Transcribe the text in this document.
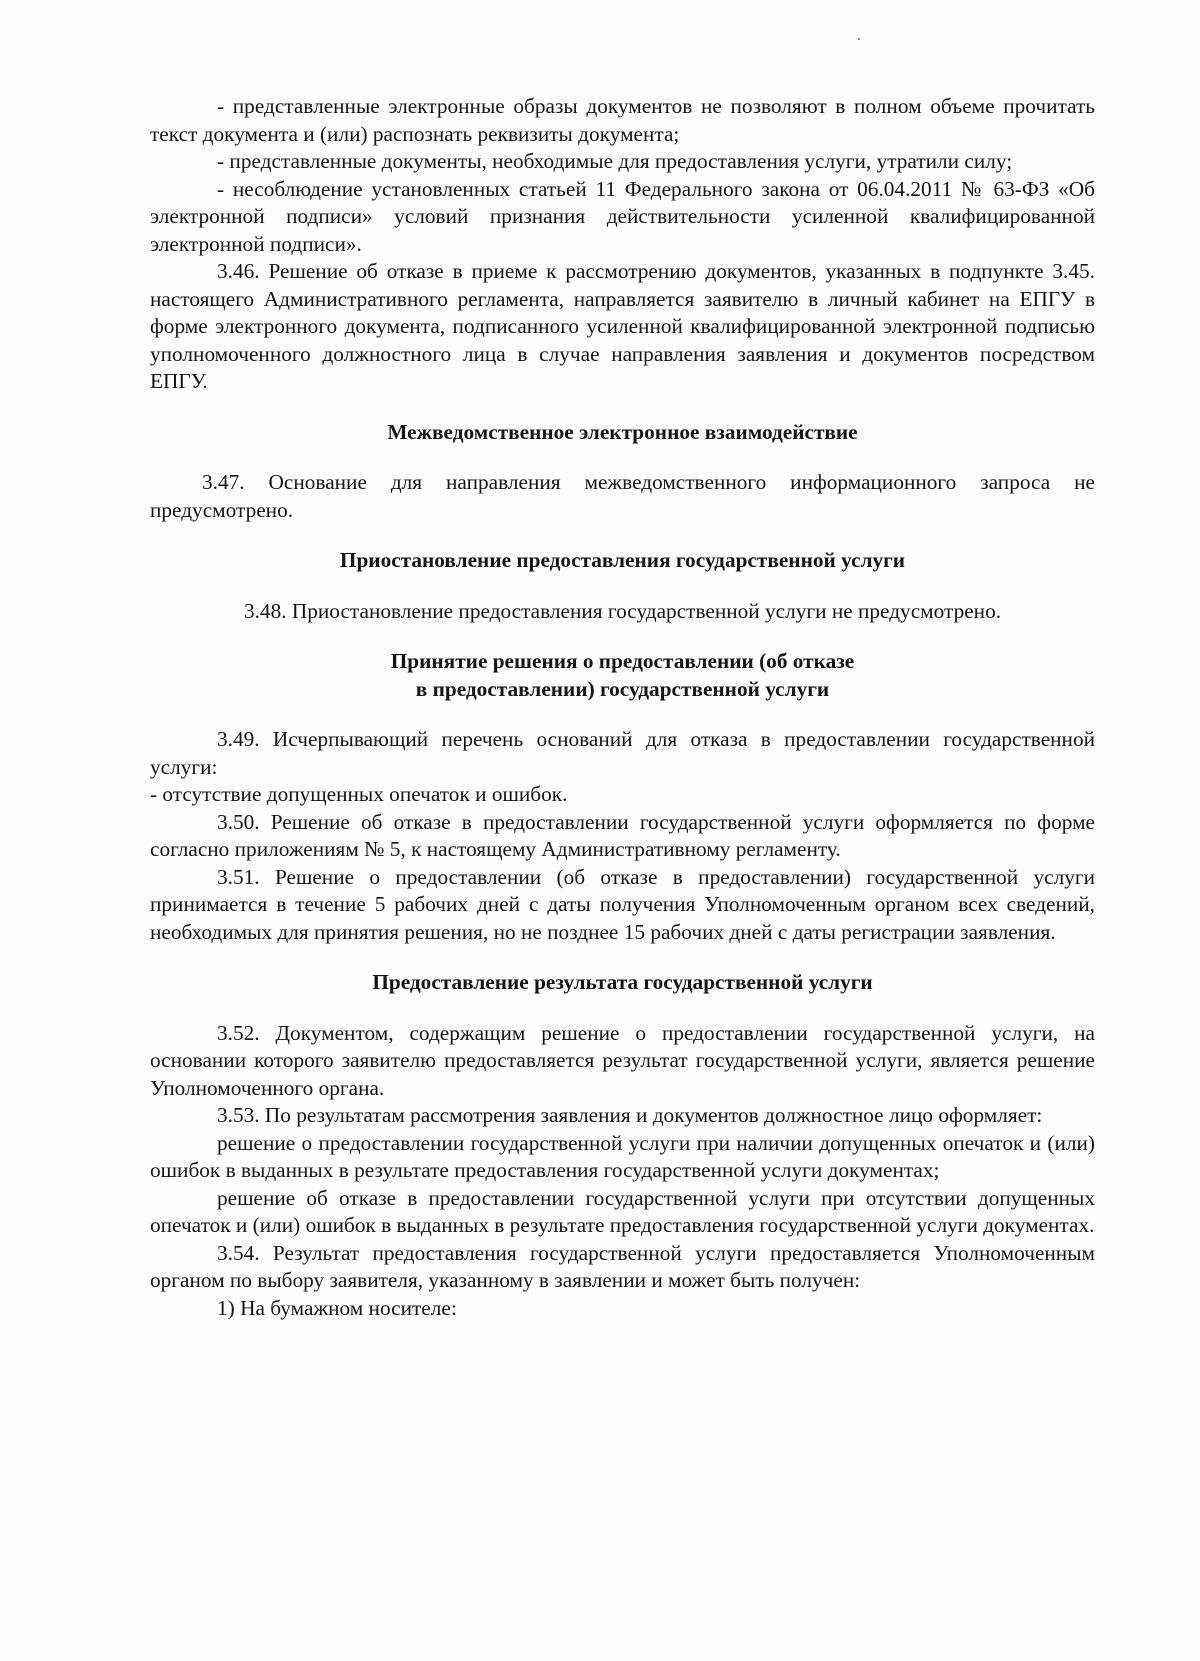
- представленные электронные образы документов не позволяют в полном объеме прочитать текст документа и (или) распознать реквизиты документа;

- представленные документы, необходимые для предоставления услуги, утратили силу;

- несоблюдение установленных статьей 11 Федерального закона от 06.04.2011 № 63-ФЗ «Об электронной подписи» условий признания действительности усиленной квалифицированной электронной подписи».

3.46. Решение об отказе в приеме к рассмотрению документов, указанных в подпункте 3.45. настоящего Административного регламента, направляется заявителю в личный кабинет на ЕПГУ в форме электронного документа, подписанного усиленной квалифицированной электронной подписью уполномоченного должностного лица в случае направления заявления и документов посредством ЕПГУ.

Межведомственное электронное взаимодействие

3.47. Основание для направления межведомственного информационного запроса не предусмотрено.

Приостановление предоставления государственной услуги

3.48. Приостановление предоставления государственной услуги не предусмотрено.

Принятие решения о предоставлении (об отказе
в предоставлении) государственной услуги

3.49. Исчерпывающий перечень оснований для отказа в предоставлении государственной услуги:

- отсутствие допущенных опечаток и ошибок.

3.50. Решение об отказе в предоставлении государственной услуги оформляется по форме согласно приложениям № 5, к настоящему Административному регламенту.

3.51. Решение о предоставлении (об отказе в предоставлении) государственной услуги принимается в течение 5 рабочих дней с даты получения Уполномоченным органом всех сведений, необходимых для принятия решения, но не позднее 15 рабочих дней с даты регистрации заявления.

Предоставление результата государственной услуги

3.52. Документом, содержащим решение о предоставлении государственной услуги, на основании которого заявителю предоставляется результат государственной услуги, является решение Уполномоченного органа.

3.53. По результатам рассмотрения заявления и документов должностное лицо оформляет:

решение о предоставлении государственной услуги при наличии допущенных опечаток и (или) ошибок в выданных в результате предоставления государственной услуги документах;

решение об отказе в предоставлении государственной услуги при отсутствии допущенных опечаток и (или) ошибок в выданных в результате предоставления государственной услуги документах.

3.54. Результат предоставления государственной услуги предоставляется Уполномоченным органом по выбору заявителя, указанному в заявлении и может быть получен:

1) На бумажном носителе:
